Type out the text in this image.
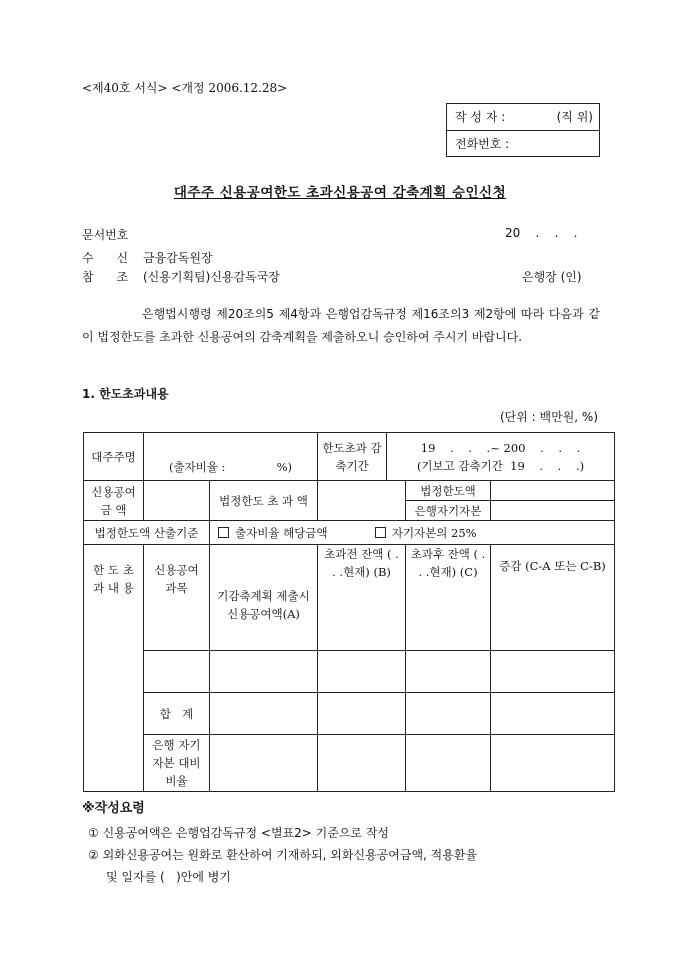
<제40호 서식> <개정 2006.12.28>
작 성 자 :	(직 위)
전화번호 :
대주주 신용공여한도 초과신용공여 감축계획 승인신청
문서번호	20    .    .    .
수      신 금융감독원장
참      조 (신용기획팀)신용감독국장	은행장 (인)
은행법시행령 제20조의5 제4항과 은행업감독규정 제16조의3 제2항에 따라 다음과 같이 법정한도를 초과한 신용공여의 감축계획을 제출하오니 승인하여 주시기 바랍니다.
1. 한도초과내용
(단위 : 백만원, %)
대주주명	(출자비율 :              %)		한도초과 감축기간	19    .    .    .~ 200    .    .    .
(기보고 감축기간  19    .    .    .)		

신용공여 금 액		법정한도 초 과 액			법정한도액	
					은행자기자본	
법정한도액 산출기준		출자비율 해당금액 자기자본의 25%				
한 도 초 과 내 용	신용공여 과목	기감축계획 제출시 신용공여액(A)	초과전 잔액 ( . . .현재) (B)		초과후 잔액 ( . . .현재) (C)	증감 (C-A 또는 C-B)

	합   계					
	은행 자기자본 대비비율					
※작성요령
① 신용공여액은 은행업감독규정 <별표2> 기준으로 작성
② 외화신용공여는 원화로 환산하여 기재하되, 외화신용공여금액, 적용환율
및 일자를 (   )안에 병기
